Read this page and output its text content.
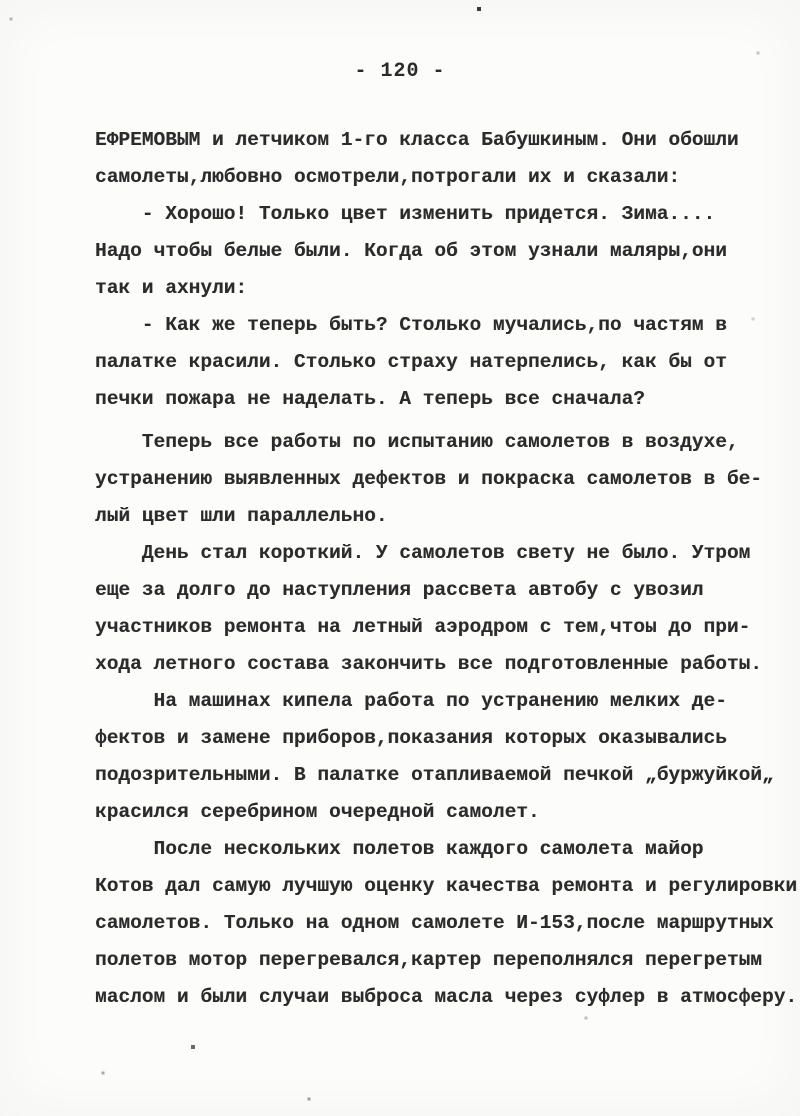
- 120 -
ЕФРЕМОВЫМ и летчиком 1-го класса Бабушкиным. Они обошли
самолеты,любовно осмотрели,потрогали их и сказали:
- Хорошо! Только цвет изменить придется. Зима....
Надо чтобы белые были. Когда об этом узнали маляры,они
так и ахнули:
- Как же теперь быть? Столько мучались,по частям в
палатке красили. Столько страху натерпелись, как бы от
печки пожара не наделать. А теперь все сначала?
Теперь все работы по испытанию самолетов в воздухе,
устранению выявленных дефектов и покраска самолетов в бе-
лый цвет шли параллельно.
День стал короткий. У самолетов свету не было. Утром
еще за долго до наступления рассвета автобу с увозил
участников ремонта на летный аэродром с тем,чтоы до при-
хода летного состава закончить все подготовленные работы.
На машинах кипела работа по устранению мелких де-
фектов и замене приборов,показания которых оказывались
подозрительными. В палатке отапливаемой печкой „буржуйкой„
красился серебрином очередной самолет.
После нескольких полетов каждого самолета майор
Котов дал самую лучшую оценку качества ремонта и регулировки
самолетов. Только на одном самолете И-153,после маршрутных
полетов мотор перегревался,картер переполнялся перегретым
маслом и были случаи выброса масла через суфлер в атмосферу.
